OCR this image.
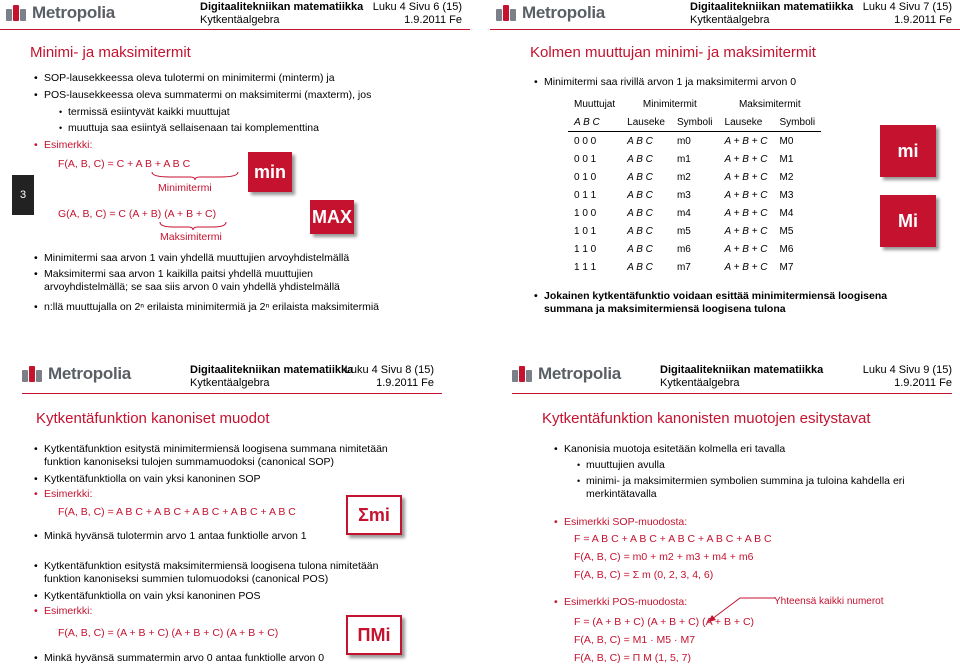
Metropolia	Digitaalitekniikan matematiikka
Kytkentäalgebra
Luku 4 Sivu 6 (15)
1.9.2011 Fe
Minimi- ja maksimitermit
3
• SOP-lausekkeessa oleva tulotermi on minimitermi (minterm) ja
• POS-lausekkeessa oleva summatermi on maksimitermi (maxterm), jos
• termissä esiintyvät kaikki muuttujat
• muuttuja saa esiintyä sellaisenaan tai komplementtina
• Esimerkki:
F(A, B, C) = C + A B + A B C
Minimitermi
G(A, B, C) = C (A + B) (A + B + C)
Maksimitermi
min
MAX
• Minimitermi saa arvon 1 vain yhdellä muuttujien arvoyhdistelmällä
• Maksimitermi saa arvon 1 kaikilla paitsi yhdellä muuttujien
arvoyhdistelmällä; se saa siis arvon 0 vain yhdellä yhdistelmällä
• n:llä muuttujalla on 2ⁿ erilaista minimitermiä ja 2ⁿ erilaista maksimitermiä
Metropolia	Digitaalitekniikan matematiikka
Kytkentäalgebra
Luku 4 Sivu 7 (15)
1.9.2011 Fe
Kolmen muuttujan minimi- ja maksimitermit
• Minimitermi saa rivillä arvon 1 ja maksimitermi arvon 0
Muuttujat	Minimitermit		Maksimitermit	
A B C	Lauseke	Symboli	Lauseke	Symboli
0 0 0	A B C	m0	A + B + C	M0
0 0 1	A B C	m1	A + B + C	M1
0 1 0	A B C	m2	A + B + C	M2
0 1 1	A B C	m3	A + B + C	M3
1 0 0	A B C	m4	A + B + C	M4
1 0 1	A B C	m5	A + B + C	M5
1 1 0	A B C	m6	A + B + C	M6
1 1 1	A B C	m7	A + B + C	M7
mi
Mi
• Jokainen kytkentäfunktio voidaan esittää minimitermiensä loogisena
summana ja maksimitermiensä loogisena tulona
Metropolia	Digitaalitekniikan matematiikka
Kytkentäalgebra
Luku 4 Sivu 8 (15)
1.9.2011 Fe
Kytkentäfunktion kanoniset muodot
• Kytkentäfunktion esitystä minimitermiensä loogisena summana nimitetään
funktion kanoniseksi tulojen summamuodoksi (canonical SOP)
• Kytkentäfunktiolla on vain yksi kanoninen SOP
• Esimerkki:
F(A, B, C) = A B C + A B C + A B C + A B C + A B C
• Minkä hyvänsä tulotermin arvo 1 antaa funktiolle arvon 1
Σmi
• Kytkentäfunktion esitystä maksimitermiensä loogisena tulona nimitetään
funktion kanoniseksi summien tulomuodoksi (canonical POS)
• Kytkentäfunktiolla on vain yksi kanoninen POS
• Esimerkki:
F(A, B, C) = (A + B + C) (A + B + C) (A + B + C)
• Minkä hyvänsä summatermin arvo 0 antaa funktiolle arvon 0
ΠMi
Metropolia	Digitaalitekniikan matematiikka
Kytkentäalgebra
Luku 4 Sivu 9 (15)
1.9.2011 Fe
Kytkentäfunktion kanonisten muotojen esitystavat
• Kanonisia muotoja esitetään kolmella eri tavalla
• muuttujien avulla
• minimi- ja maksimitermien symbolien summina ja tuloina kahdella eri
merkintätavalla
• Esimerkki SOP-muodosta:
F = A B C + A B C + A B C + A B C + A B C
F(A, B, C) = m0 + m2 + m3 + m4 + m6
F(A, B, C) = Σ m (0, 2, 3, 4, 6)
• Esimerkki POS-muodosta:	Yhteensä kaikki numerot
F = (A + B + C) (A + B + C) (A + B + C)
F(A, B, C) = M1 · M5 · M7
F(A, B, C) = Π M (1, 5, 7)
